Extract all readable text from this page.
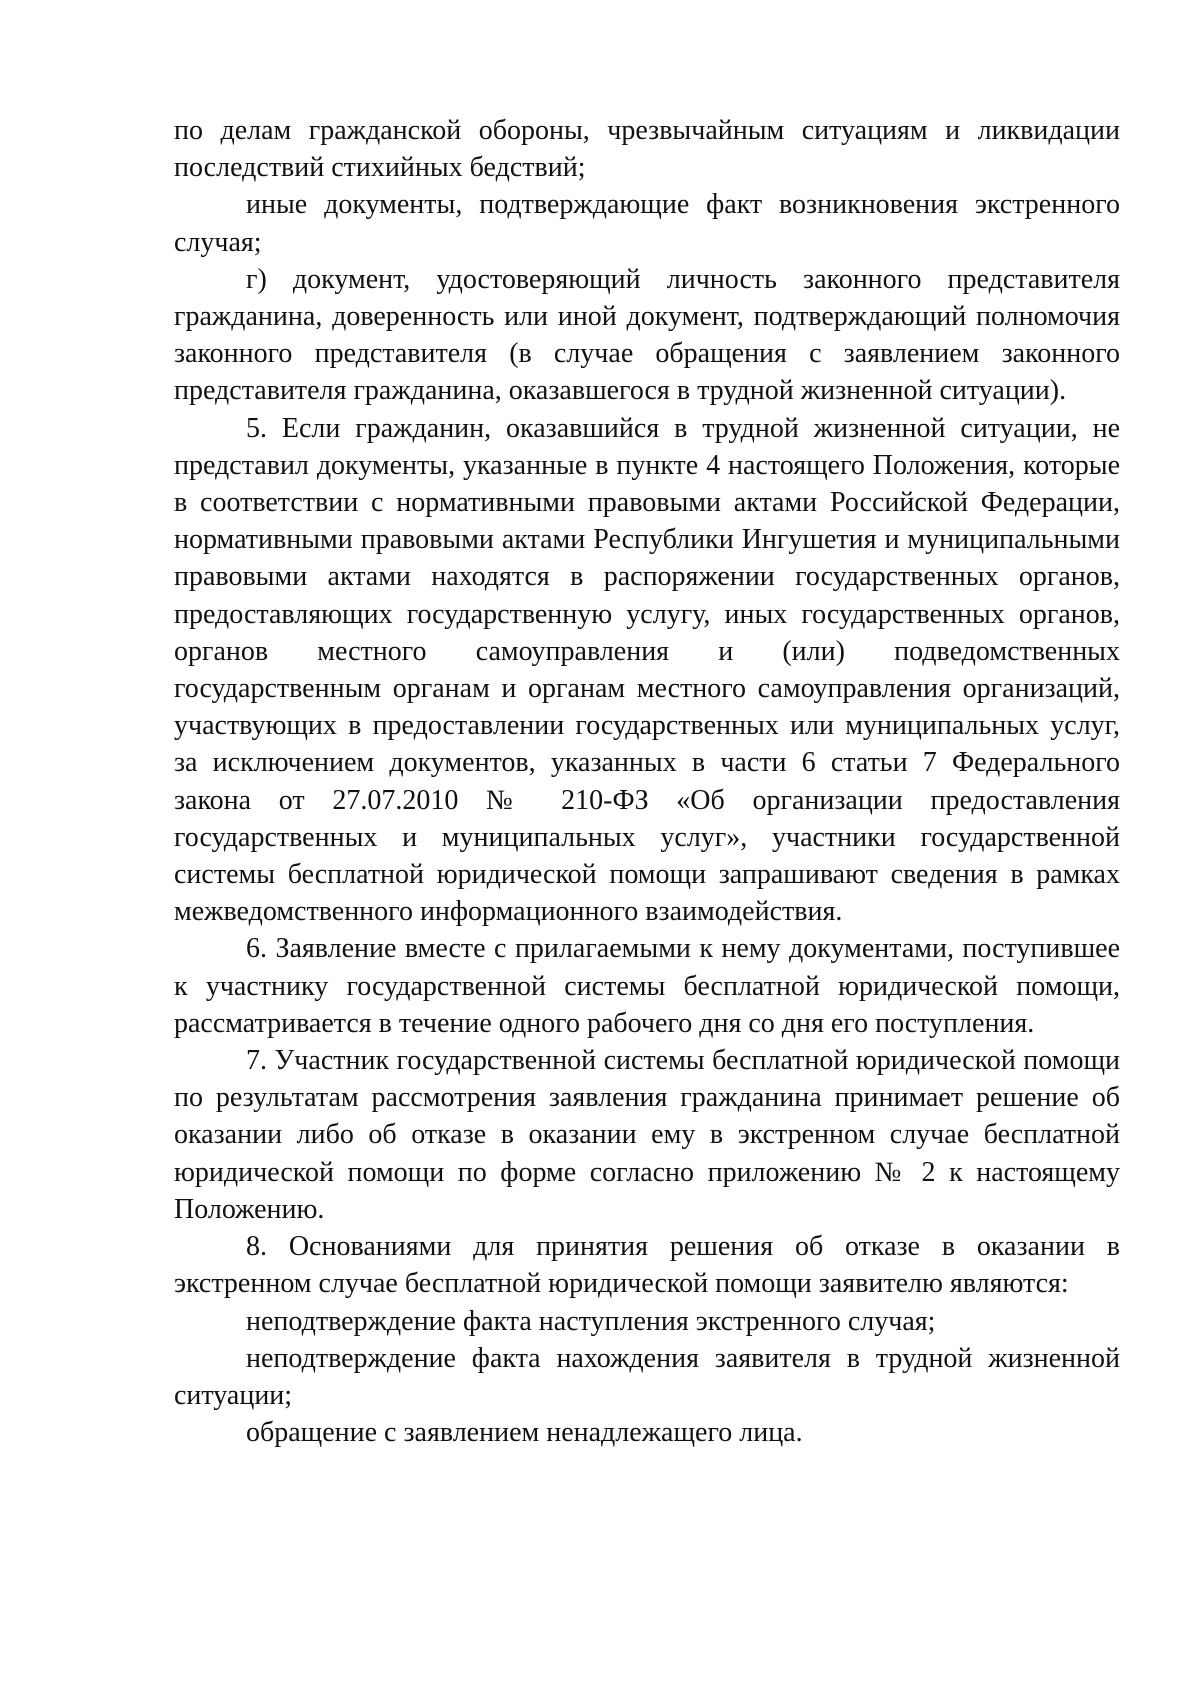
по делам гражданской обороны, чрезвычайным ситуациям и ликвидации последствий стихийных бедствий;

иные документы, подтверждающие факт возникновения экстренного случая;

г) документ, удостоверяющий личность законного представителя гражданина, доверенность или иной документ, подтверждающий полномочия законного представителя (в случае обращения с заявлением законного представителя гражданина, оказавшегося в трудной жизненной ситуации).

5. Если гражданин, оказавшийся в трудной жизненной ситуации, не представил документы, указанные в пункте 4 настоящего Положения, которые в соответствии с нормативными правовыми актами Российской Федерации, нормативными правовыми актами Республики Ингушетия и муниципальными правовыми актами находятся в распоряжении государственных органов, предоставляющих государственную услугу, иных государственных органов, органов местного самоуправления и (или) подведомственных государственным органам и органам местного самоуправления организаций, участвующих в предоставлении государственных или муниципальных услуг, за исключением документов, указанных в части 6 статьи 7 Федерального закона от 27.07.2010 № 210-ФЗ «Об организации предоставления государственных и муниципальных услуг», участники государственной системы бесплатной юридической помощи запрашивают сведения в рамках межведомственного информационного взаимодействия.

6. Заявление вместе с прилагаемыми к нему документами, поступившее к участнику государственной системы бесплатной юридической помощи, рассматривается в течение одного рабочего дня со дня его поступления.

7. Участник государственной системы бесплатной юридической помощи по результатам рассмотрения заявления гражданина принимает решение об оказании либо об отказе в оказании ему в экстренном случае бесплатной юридической помощи по форме согласно приложению № 2 к настоящему Положению.

8. Основаниями для принятия решения об отказе в оказании в экстренном случае бесплатной юридической помощи заявителю являются:

неподтверждение факта наступления экстренного случая;

неподтверждение факта нахождения заявителя в трудной жизненной ситуации;

обращение с заявлением ненадлежащего лица.
